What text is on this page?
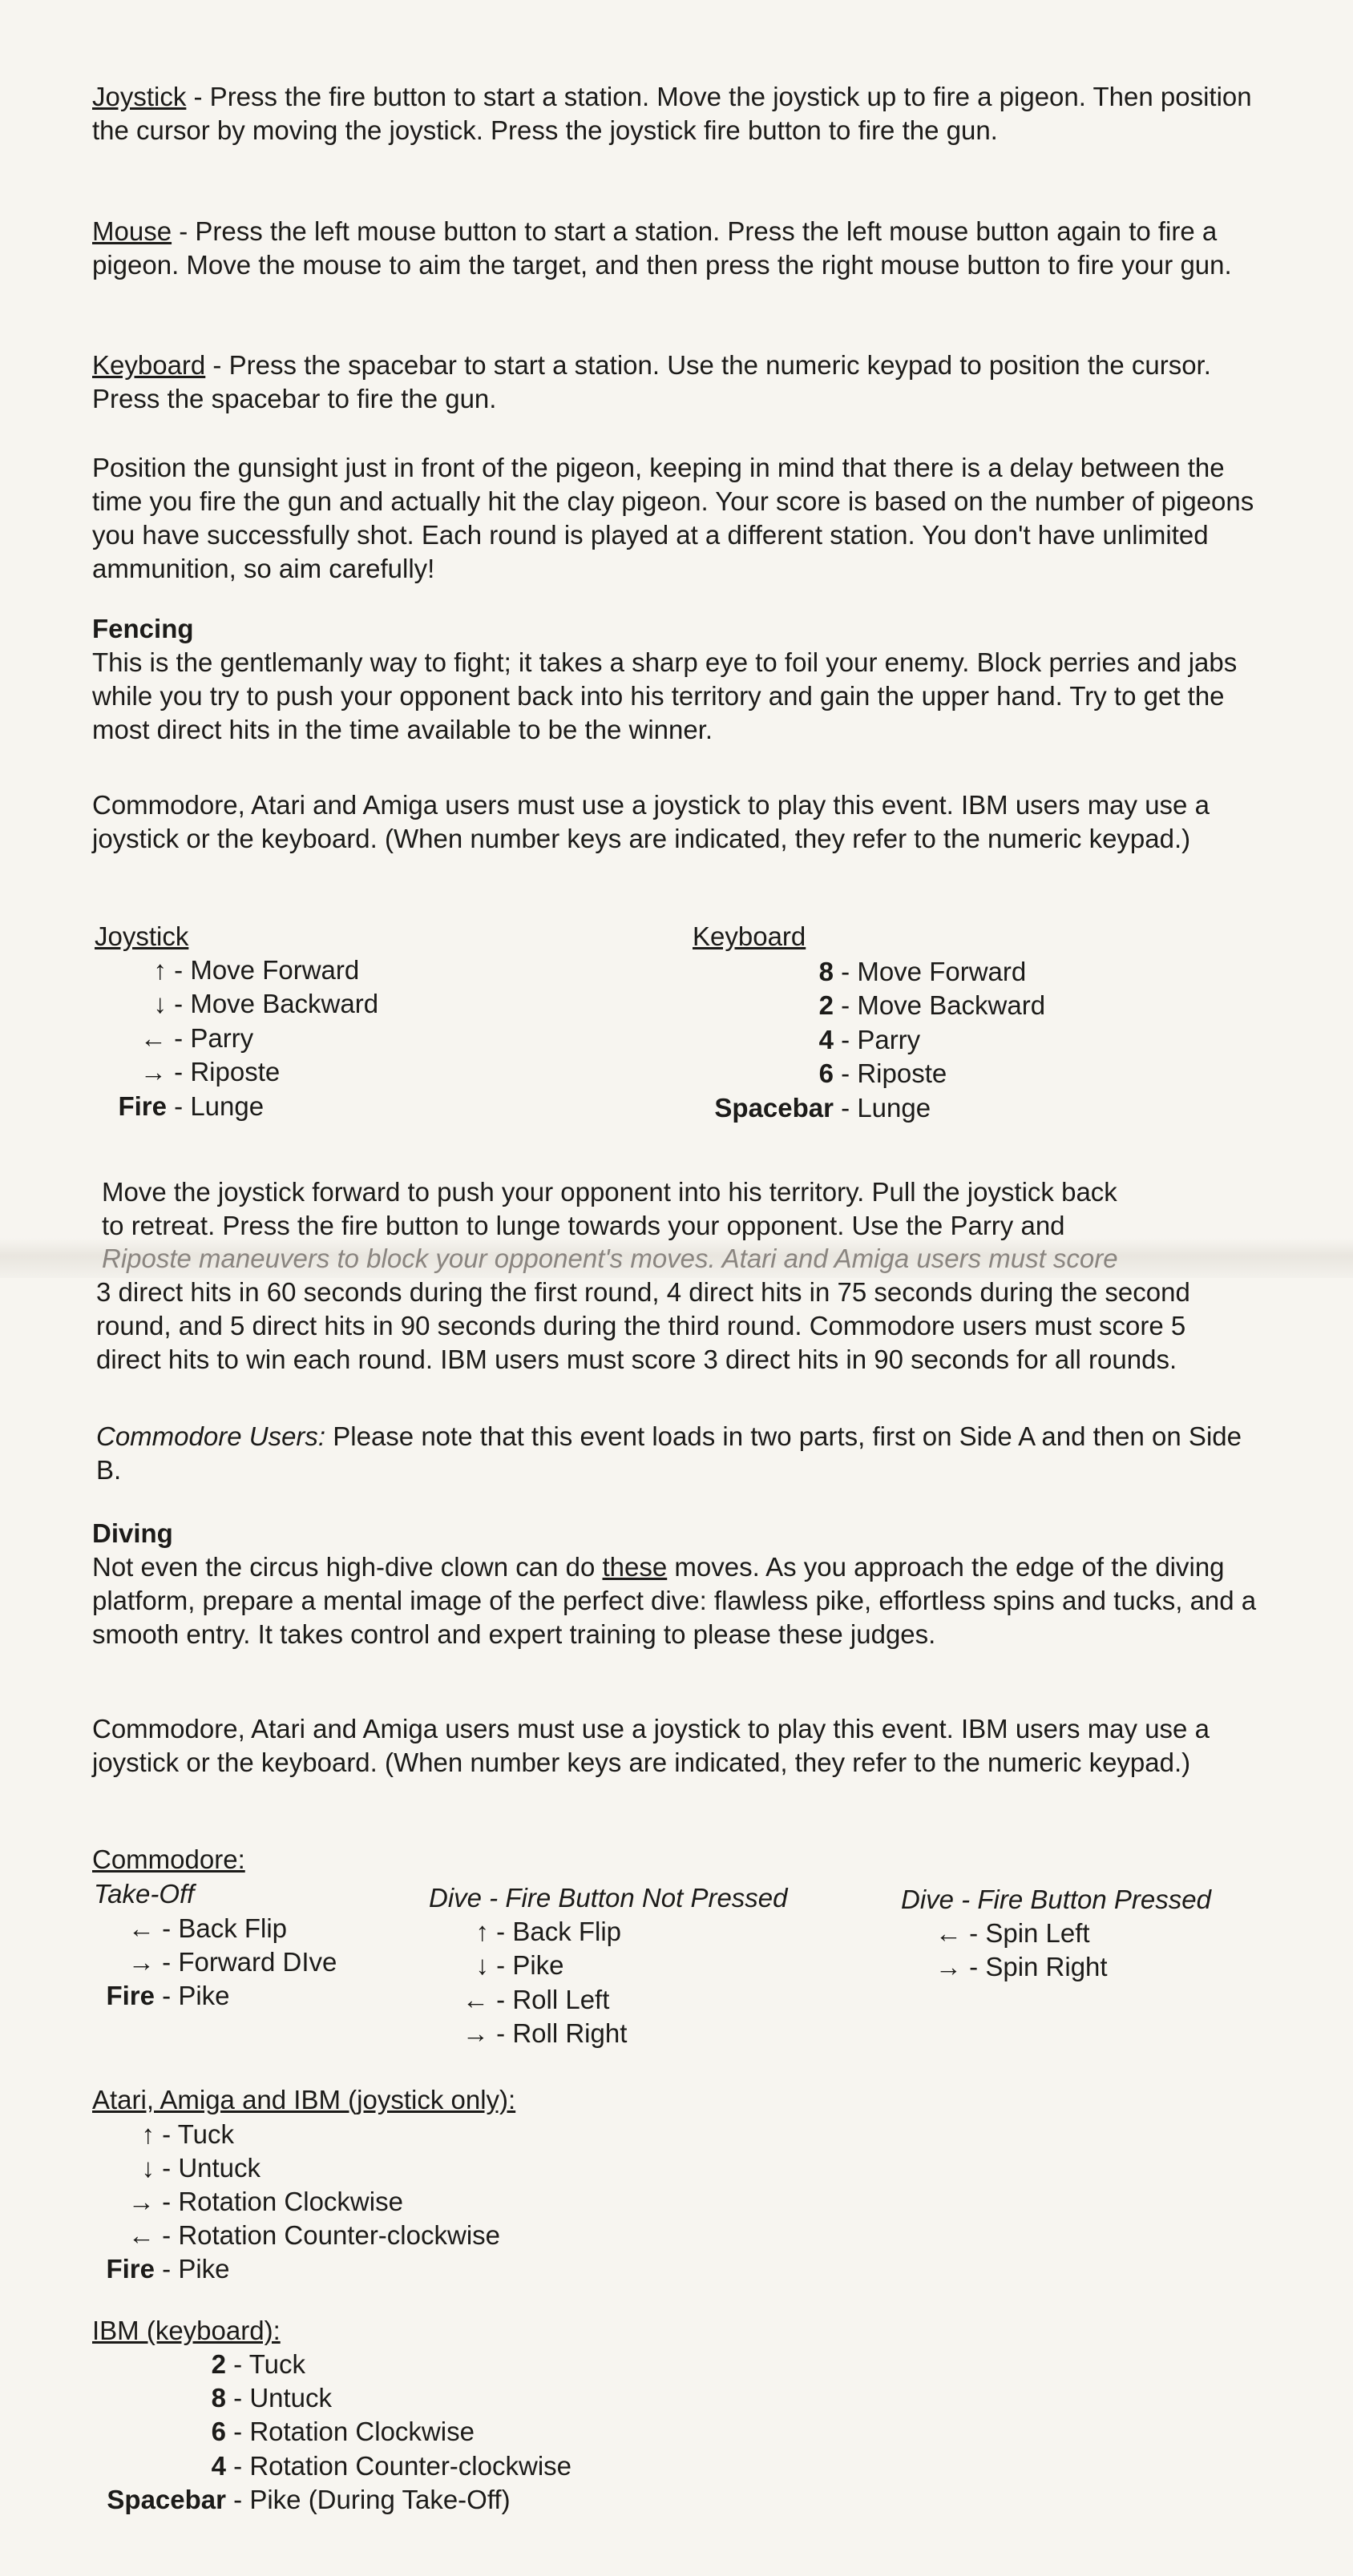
Joystick - Press the fire button to start a station. Move the joystick up to fire a pigeon. Then position the cursor by moving the joystick. Press the joystick fire button to fire the gun.
Mouse - Press the left mouse button to start a station. Press the left mouse button again to fire a pigeon. Move the mouse to aim the target, and then press the right mouse button to fire your gun.
Keyboard - Press the spacebar to start a station. Use the numeric keypad to position the cursor. Press the spacebar to fire the gun.
Position the gunsight just in front of the pigeon, keeping in mind that there is a delay between the time you fire the gun and actually hit the clay pigeon. Your score is based on the number of pigeons you have successfully shot. Each round is played at a different station. You don't have unlimited ammunition, so aim carefully!
Fencing
This is the gentlemanly way to fight; it takes a sharp eye to foil your enemy. Block perries and jabs while you try to push your opponent back into his territory and gain the upper hand. Try to get the most direct hits in the time available to be the winner.
Commodore, Atari and Amiga users must use a joystick to play this event. IBM users may use a joystick or the keyboard. (When number keys are indicated, they refer to the numeric keypad.)
Joystick
↑ - Move Forward
↓ - Move Backward
← - Parry
→ - Riposte
Fire - Lunge
Keyboard
8 - Move Forward
2 - Move Backward
4 - Parry
6 - Riposte
Spacebar - Lunge
Move the joystick forward to push your opponent into his territory. Pull the joystick back
to retreat. Press the fire button to lunge towards your opponent. Use the Parry and
Riposte maneuvers to block your opponent's moves. Atari and Amiga users must score
3 direct hits in 60 seconds during the first round, 4 direct hits in 75 seconds during the second round, and 5 direct hits in 90 seconds during the third round. Commodore users must score 5 direct hits to win each round. IBM users must score 3 direct hits in 90 seconds for all rounds.
Commodore Users: Please note that this event loads in two parts, first on Side A and then on Side B.
Diving
Not even the circus high-dive clown can do these moves. As you approach the edge of the diving platform, prepare a mental image of the perfect dive: flawless pike, effortless spins and tucks, and a smooth entry. It takes control and expert training to please these judges.
Commodore, Atari and Amiga users must use a joystick to play this event. IBM users may use a joystick or the keyboard. (When number keys are indicated, they refer to the numeric keypad.)
Commodore:
Take-Off
← - Back Flip
→ - Forward DIve
Fire - Pike
Dive - Fire Button Not Pressed
↑ - Back Flip
↓ - Pike
← - Roll Left
→ - Roll Right
Dive - Fire Button Pressed
← - Spin Left
→ - Spin Right
Atari, Amiga and IBM (joystick only):
↑ - Tuck
↓ - Untuck
→ - Rotation Clockwise
← - Rotation Counter-clockwise
Fire - Pike
IBM (keyboard):
2 - Tuck
8 - Untuck
6 - Rotation Clockwise
4 - Rotation Counter-clockwise
Spacebar - Pike (During Take-Off)
